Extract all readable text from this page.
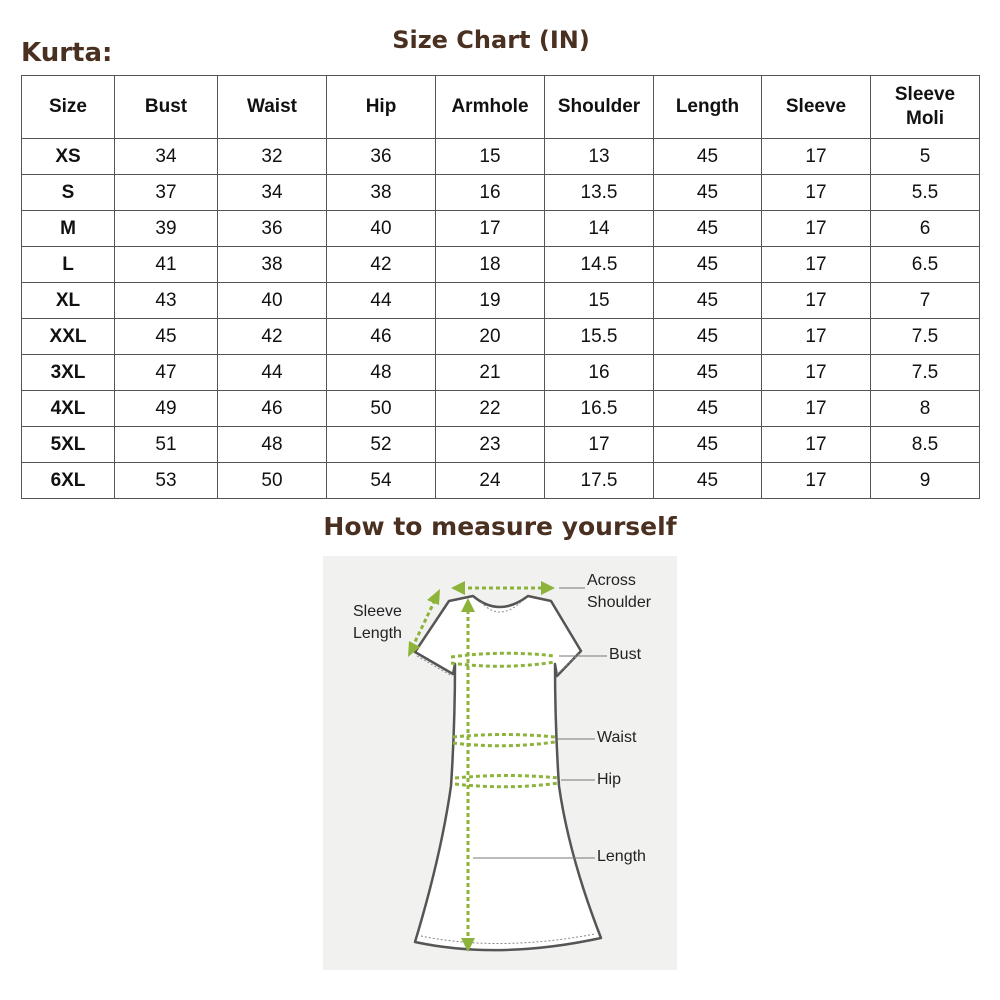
Kurta:	Size Chart (IN)
Size	Bust	Waist	Hip	Armhole	Shoulder	Length	Sleeve	Sleeve Moli
XS	34	32	36	15	13	45	17	5
S	37	34	38	16	13.5	45	17	5.5
M	39	36	40	17	14	45	17	6
L	41	38	42	18	14.5	45	17	6.5
XL	43	40	44	19	15	45	17	7
XXL	45	42	46	20	15.5	45	17	7.5
3XL	47	44	48	21	16	45	17	7.5
4XL	49	46	50	22	16.5	45	17	8
5XL	51	48	52	23	17	45	17	8.5
6XL	53	50	54	24	17.5	45	17	9
How to measure yourself
Sleeve
Length
Across
Shoulder
Bust
Waist
Hip
Length
